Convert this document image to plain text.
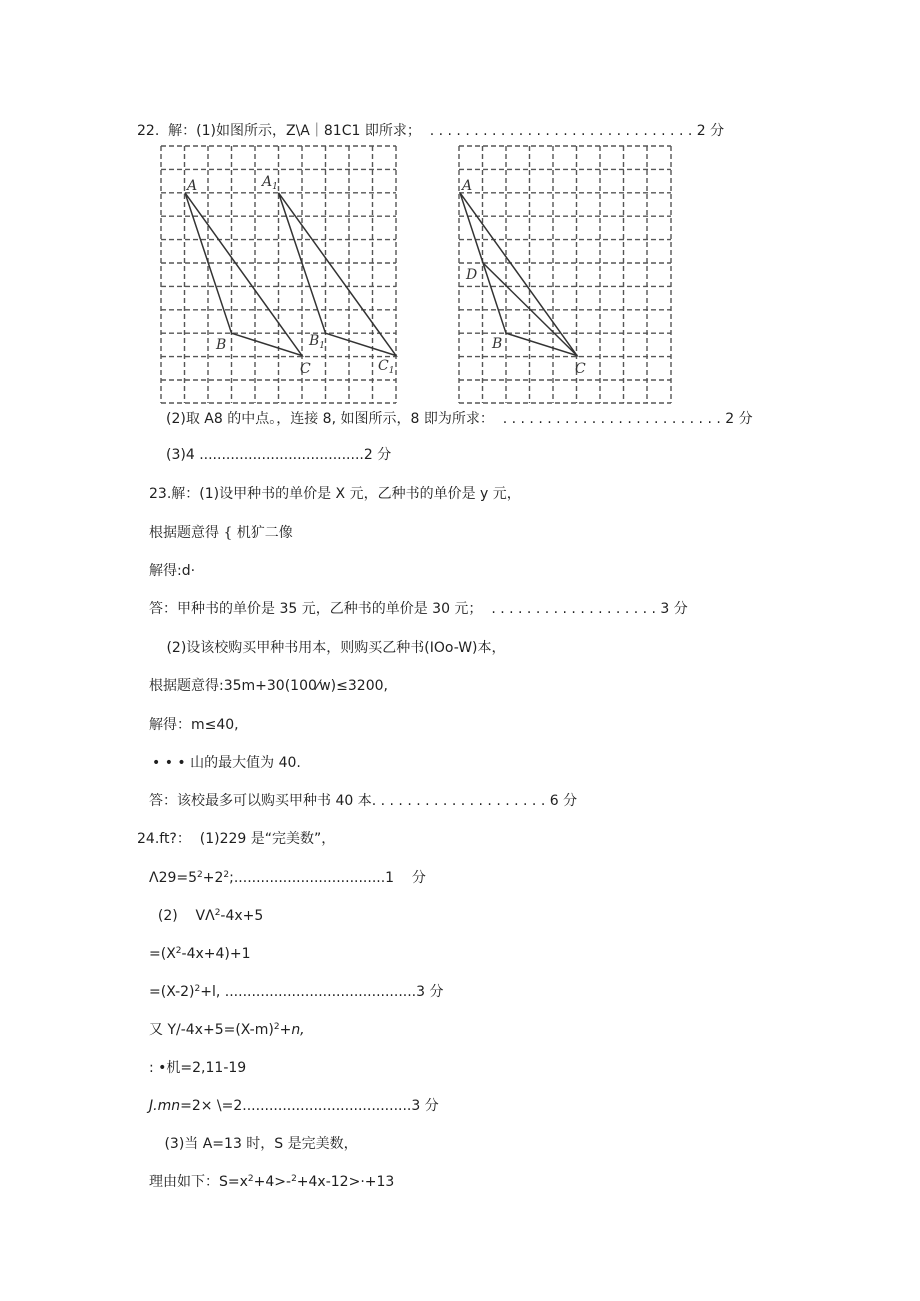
22.  解：(1)如图所示，Z\A｜81C1 即所求；  . . . . . . . . . . . . . . . . . . . . . . . . . . . . . . 2 分
A
B
C
$A_1$
$B_1$
$C_1$
A
D
B
C
(2)取 A8 的中点。，连接 8, 如图所示，8 即为所求：  . . . . . . . . . . . . . . . . . . . . . . . . . 2 分
(3)4 .....................................2 分
23.解：(1)设甲种书的单价是 X 元，乙种书的单价是 y 元，
根据题意得 { 机犷二像
解得:d·
答：甲种书的单价是 35 元，乙种书的单价是 30 元；  . . . . . . . . . . . . . . . . . . . 3 分
(2)设该校购买甲种书用本，则购买乙种书(IOo-W)本，
根据题意得:35m+30(100⁄w)≤3200,
解得：m≤40,
• • • 山的最大值为 40.
答：该校最多可以购买甲种书 40 本. . . . . . . . . . . . . . . . . . . . 6 分
24.ft?：  (1)229 是“完美数”，
$\Lambda 29=5^2+2^2;..................................1$    分
(2)    $V\Lambda^2-4x+5$
$=(X^2-4x+4)+1$
$=(X-2)^2+l$, ...........................................3 分
又 $Y/-4x+5=(X-m)^2+n$,
: •机=2,11-19
J.mn=2× \=2......................................3 分
(3)当 A=13 时，S 是完美数，
理由如下：$S=x^2+4>-^2+4x-12>\cdot+13$
